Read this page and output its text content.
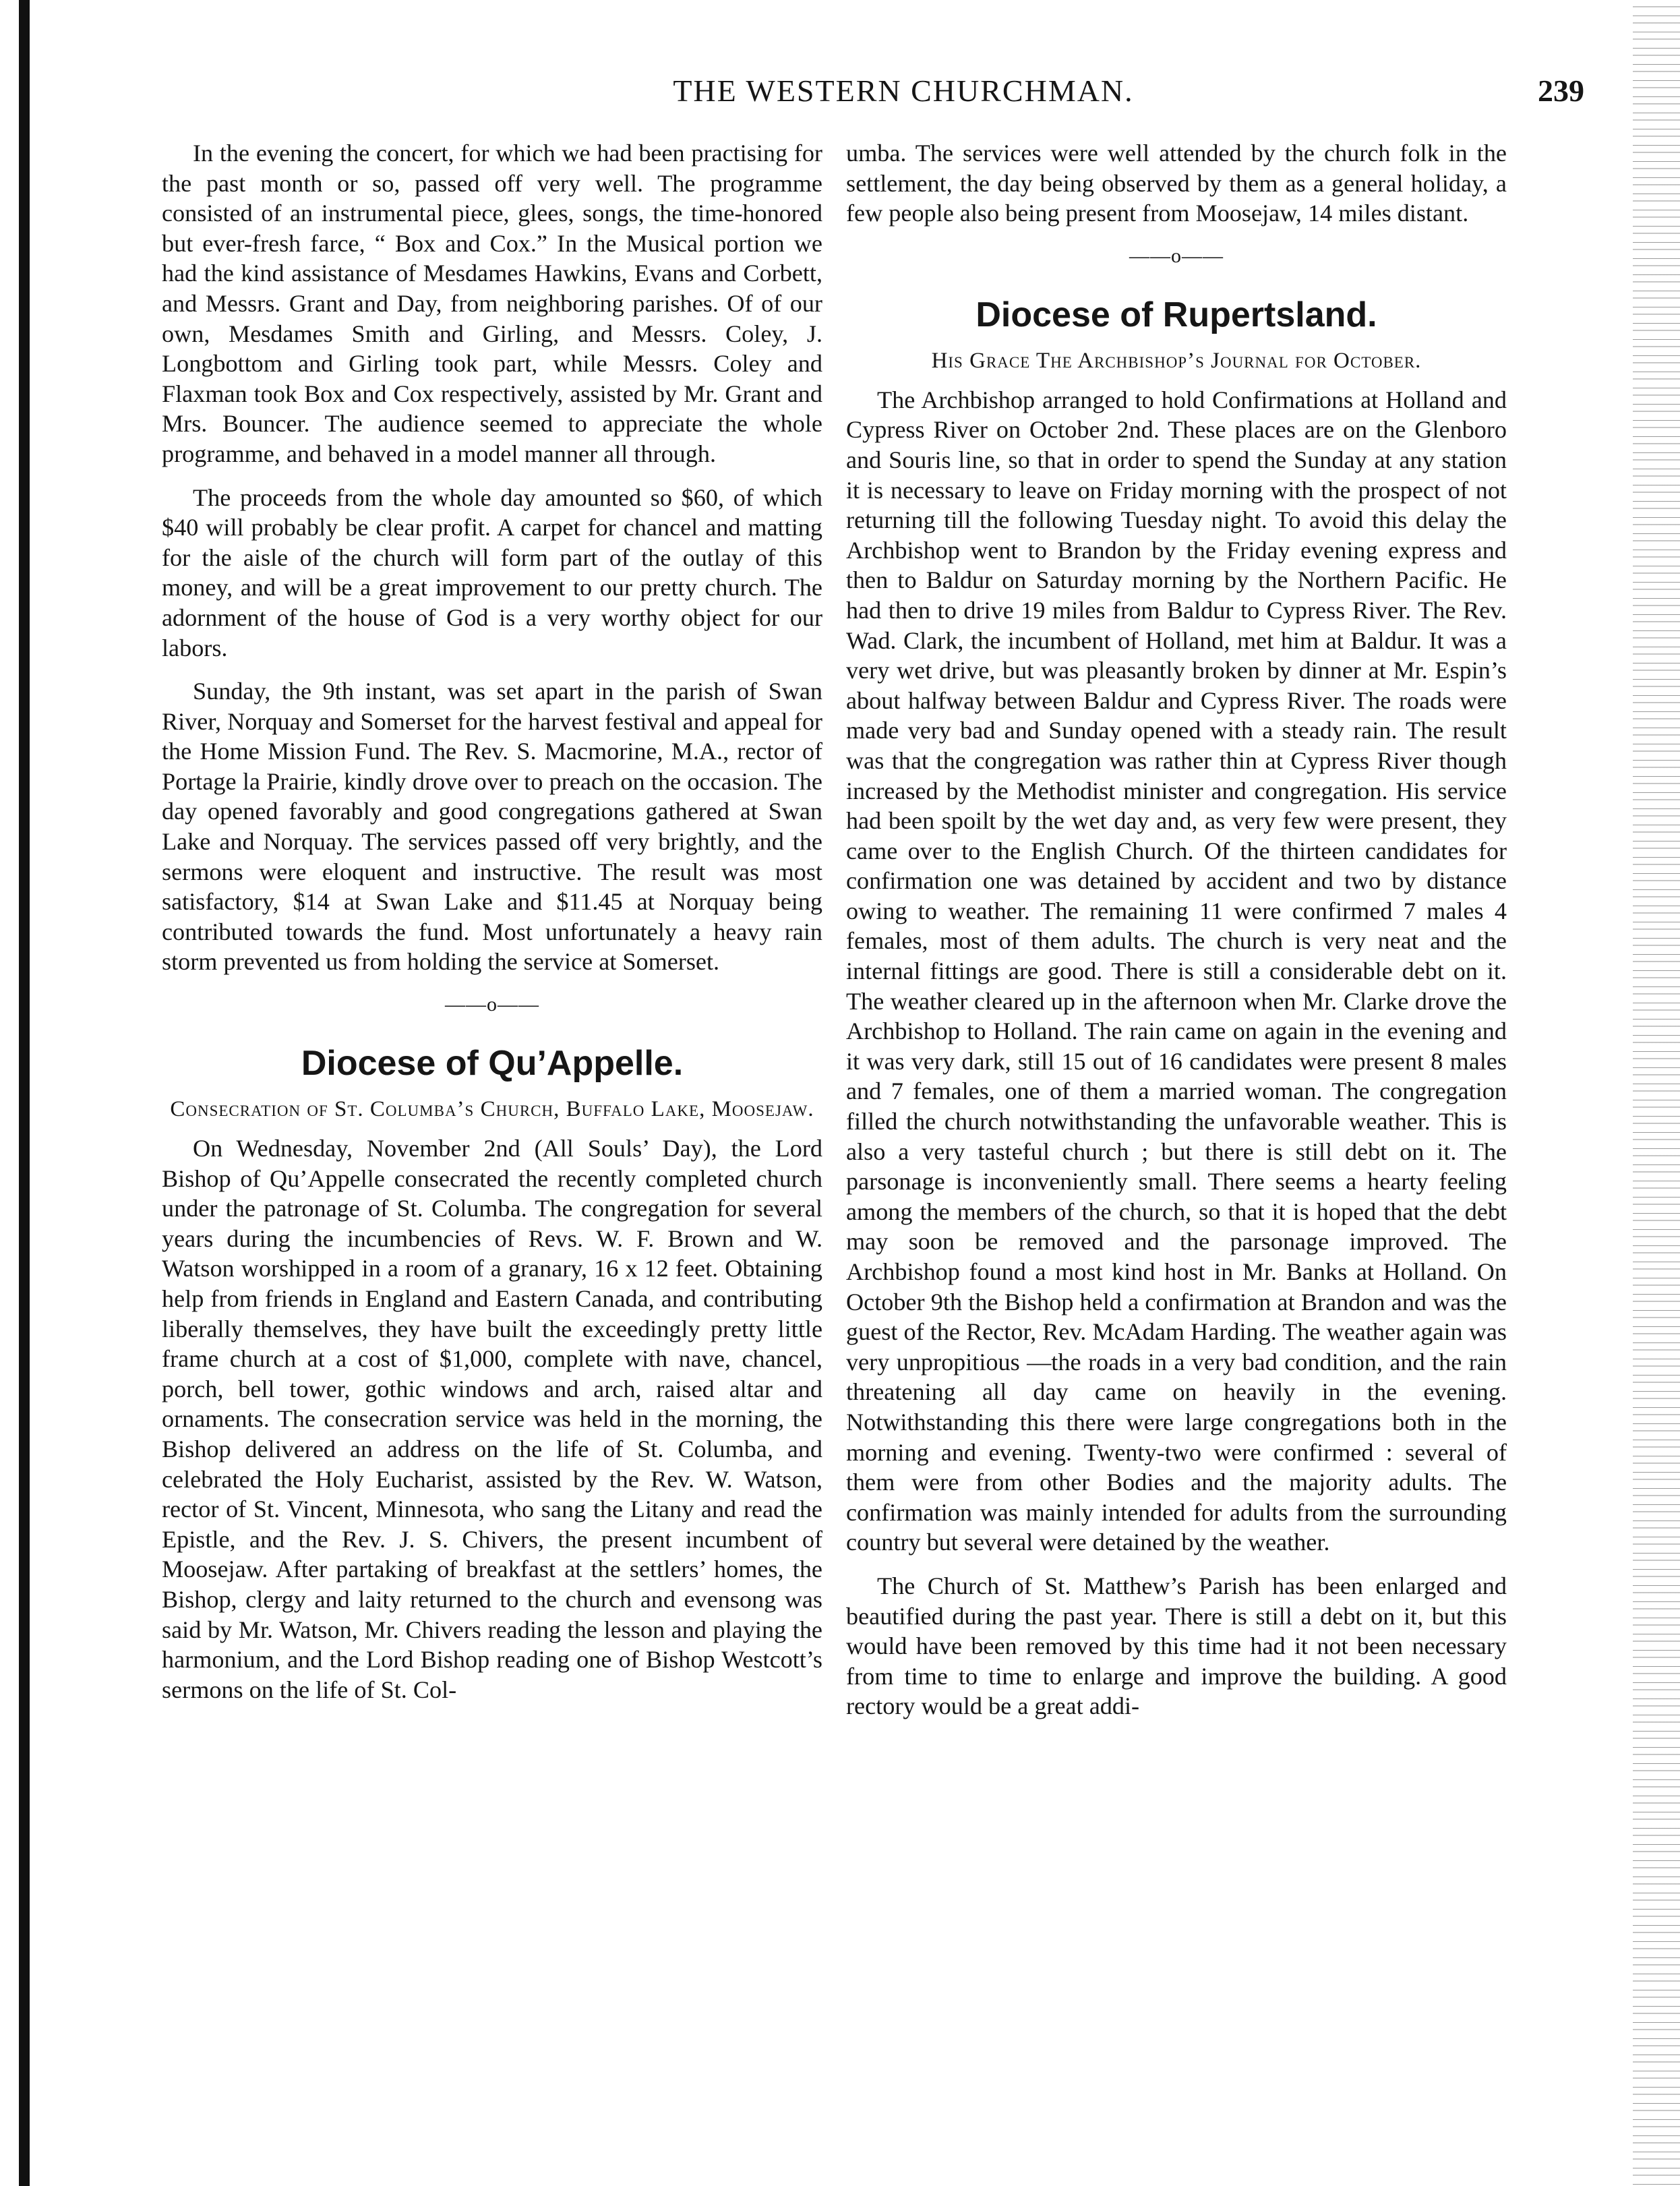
THE WESTERN CHURCHMAN.	239

In the evening the concert, for which we had been practising for the past month or so, passed off very well. The programme consisted of an instrumental piece, glees, songs, the time-honored but ever-fresh farce, “ Box and Cox.” In the Musical portion we had the kind assistance of Mesdames Hawkins, Evans and Corbett, and Messrs. Grant and Day, from neighboring parishes. Of of our own, Mesdames Smith and Girling, and Messrs. Coley, J. Longbottom and Girling took part, while Messrs. Coley and Flaxman took Box and Cox respectively, assisted by Mr. Grant and Mrs. Bouncer. The audience seemed to appreciate the whole programme, and behaved in a model manner all through.

The proceeds from the whole day amounted so $60, of which $40 will probably be clear profit. A carpet for chancel and matting for the aisle of the church will form part of the outlay of this money, and will be a great improvement to our pretty church. The adornment of the house of God is a very worthy object for our labors.

Sunday, the 9th instant, was set apart in the parish of Swan River, Norquay and Somerset for the harvest festival and appeal for the Home Mission Fund. The Rev. S. Macmorine, M.A., rector of Portage la Prairie, kindly drove over to preach on the occasion. The day opened favorably and good congregations gathered at Swan Lake and Norquay. The services passed off very brightly, and the sermons were eloquent and instructive. The result was most satisfactory, $14 at Swan Lake and $11.45 at Norquay being contributed towards the fund. Most unfortunately a heavy rain storm prevented us from holding the service at Somerset.

——o——
Diocese of Qu’Appelle.
Consecration of St. Columba’s Church, Buffalo Lake, Moosejaw.

On Wednesday, November 2nd (All Souls’ Day), the Lord Bishop of Qu’Appelle consecrated the recently completed church under the patronage of St. Columba. The congregation for several years during the incumbencies of Revs. W. F. Brown and W. Watson worshipped in a room of a granary, 16 x 12 feet. Obtaining help from friends in England and Eastern Canada, and contributing liberally themselves, they have built the exceedingly pretty little frame church at a cost of $1,000, complete with nave, chancel, porch, bell tower, gothic windows and arch, raised altar and ornaments. The consecration service was held in the morning, the Bishop delivered an address on the life of St. Columba, and celebrated the Holy Eucharist, assisted by the Rev. W. Watson, rector of St. Vincent, Minnesota, who sang the Litany and read the Epistle, and the Rev. J. S. Chivers, the present incumbent of Moosejaw. After partaking of breakfast at the settlers’ homes, the Bishop, clergy and laity returned to the church and evensong was said by Mr. Watson, Mr. Chivers reading the lesson and playing the harmonium, and the Lord Bishop reading one of Bishop Westcott’s sermons on the life of St. Col-

umba. The services were well attended by the church folk in the settlement, the day being observed by them as a general holiday, a few people also being present from Moosejaw, 14 miles distant.

——o——
Diocese of Rupertsland.
His Grace The Archbishop’s Journal for October.

The Archbishop arranged to hold Confirmations at Holland and Cypress River on October 2nd. These places are on the Glenboro and Souris line, so that in order to spend the Sunday at any station it is necessary to leave on Friday morning with the prospect of not returning till the following Tuesday night. To avoid this delay the Archbishop went to Brandon by the Friday evening express and then to Baldur on Saturday morning by the Northern Pacific. He had then to drive 19 miles from Baldur to Cypress River. The Rev. Wad. Clark, the incumbent of Holland, met him at Baldur. It was a very wet drive, but was pleasantly broken by dinner at Mr. Espin’s about halfway between Baldur and Cypress River. The roads were made very bad and Sunday opened with a steady rain. The result was that the congregation was rather thin at Cypress River though increased by the Methodist minister and congregation. His service had been spoilt by the wet day and, as very few were present, they came over to the English Church. Of the thirteen candidates for confirmation one was detained by accident and two by distance owing to weather. The remaining 11 were confirmed 7 males 4 females, most of them adults. The church is very neat and the internal fittings are good. There is still a considerable debt on it. The weather cleared up in the afternoon when Mr. Clarke drove the Archbishop to Holland. The rain came on again in the evening and it was very dark, still 15 out of 16 candidates were present 8 males and 7 females, one of them a married woman. The congregation filled the church notwithstanding the unfavorable weather. This is also a very tasteful church ; but there is still debt on it. The parsonage is inconveniently small. There seems a hearty feeling among the members of the church, so that it is hoped that the debt may soon be removed and the parsonage improved. The Archbishop found a most kind host in Mr. Banks at Holland. On October 9th the Bishop held a confirmation at Brandon and was the guest of the Rector, Rev. McAdam Harding. The weather again was very unpropitious —the roads in a very bad condition, and the rain threatening all day came on heavily in the evening. Notwithstanding this there were large congregations both in the morning and evening. Twenty-two were confirmed : several of them were from other Bodies and the majority adults. The confirmation was mainly intended for adults from the surrounding country but several were detained by the weather.

The Church of St. Matthew’s Parish has been enlarged and beautified during the past year. There is still a debt on it, but this would have been removed by this time had it not been necessary from time to time to enlarge and improve the building. A good rectory would be a great addi-
